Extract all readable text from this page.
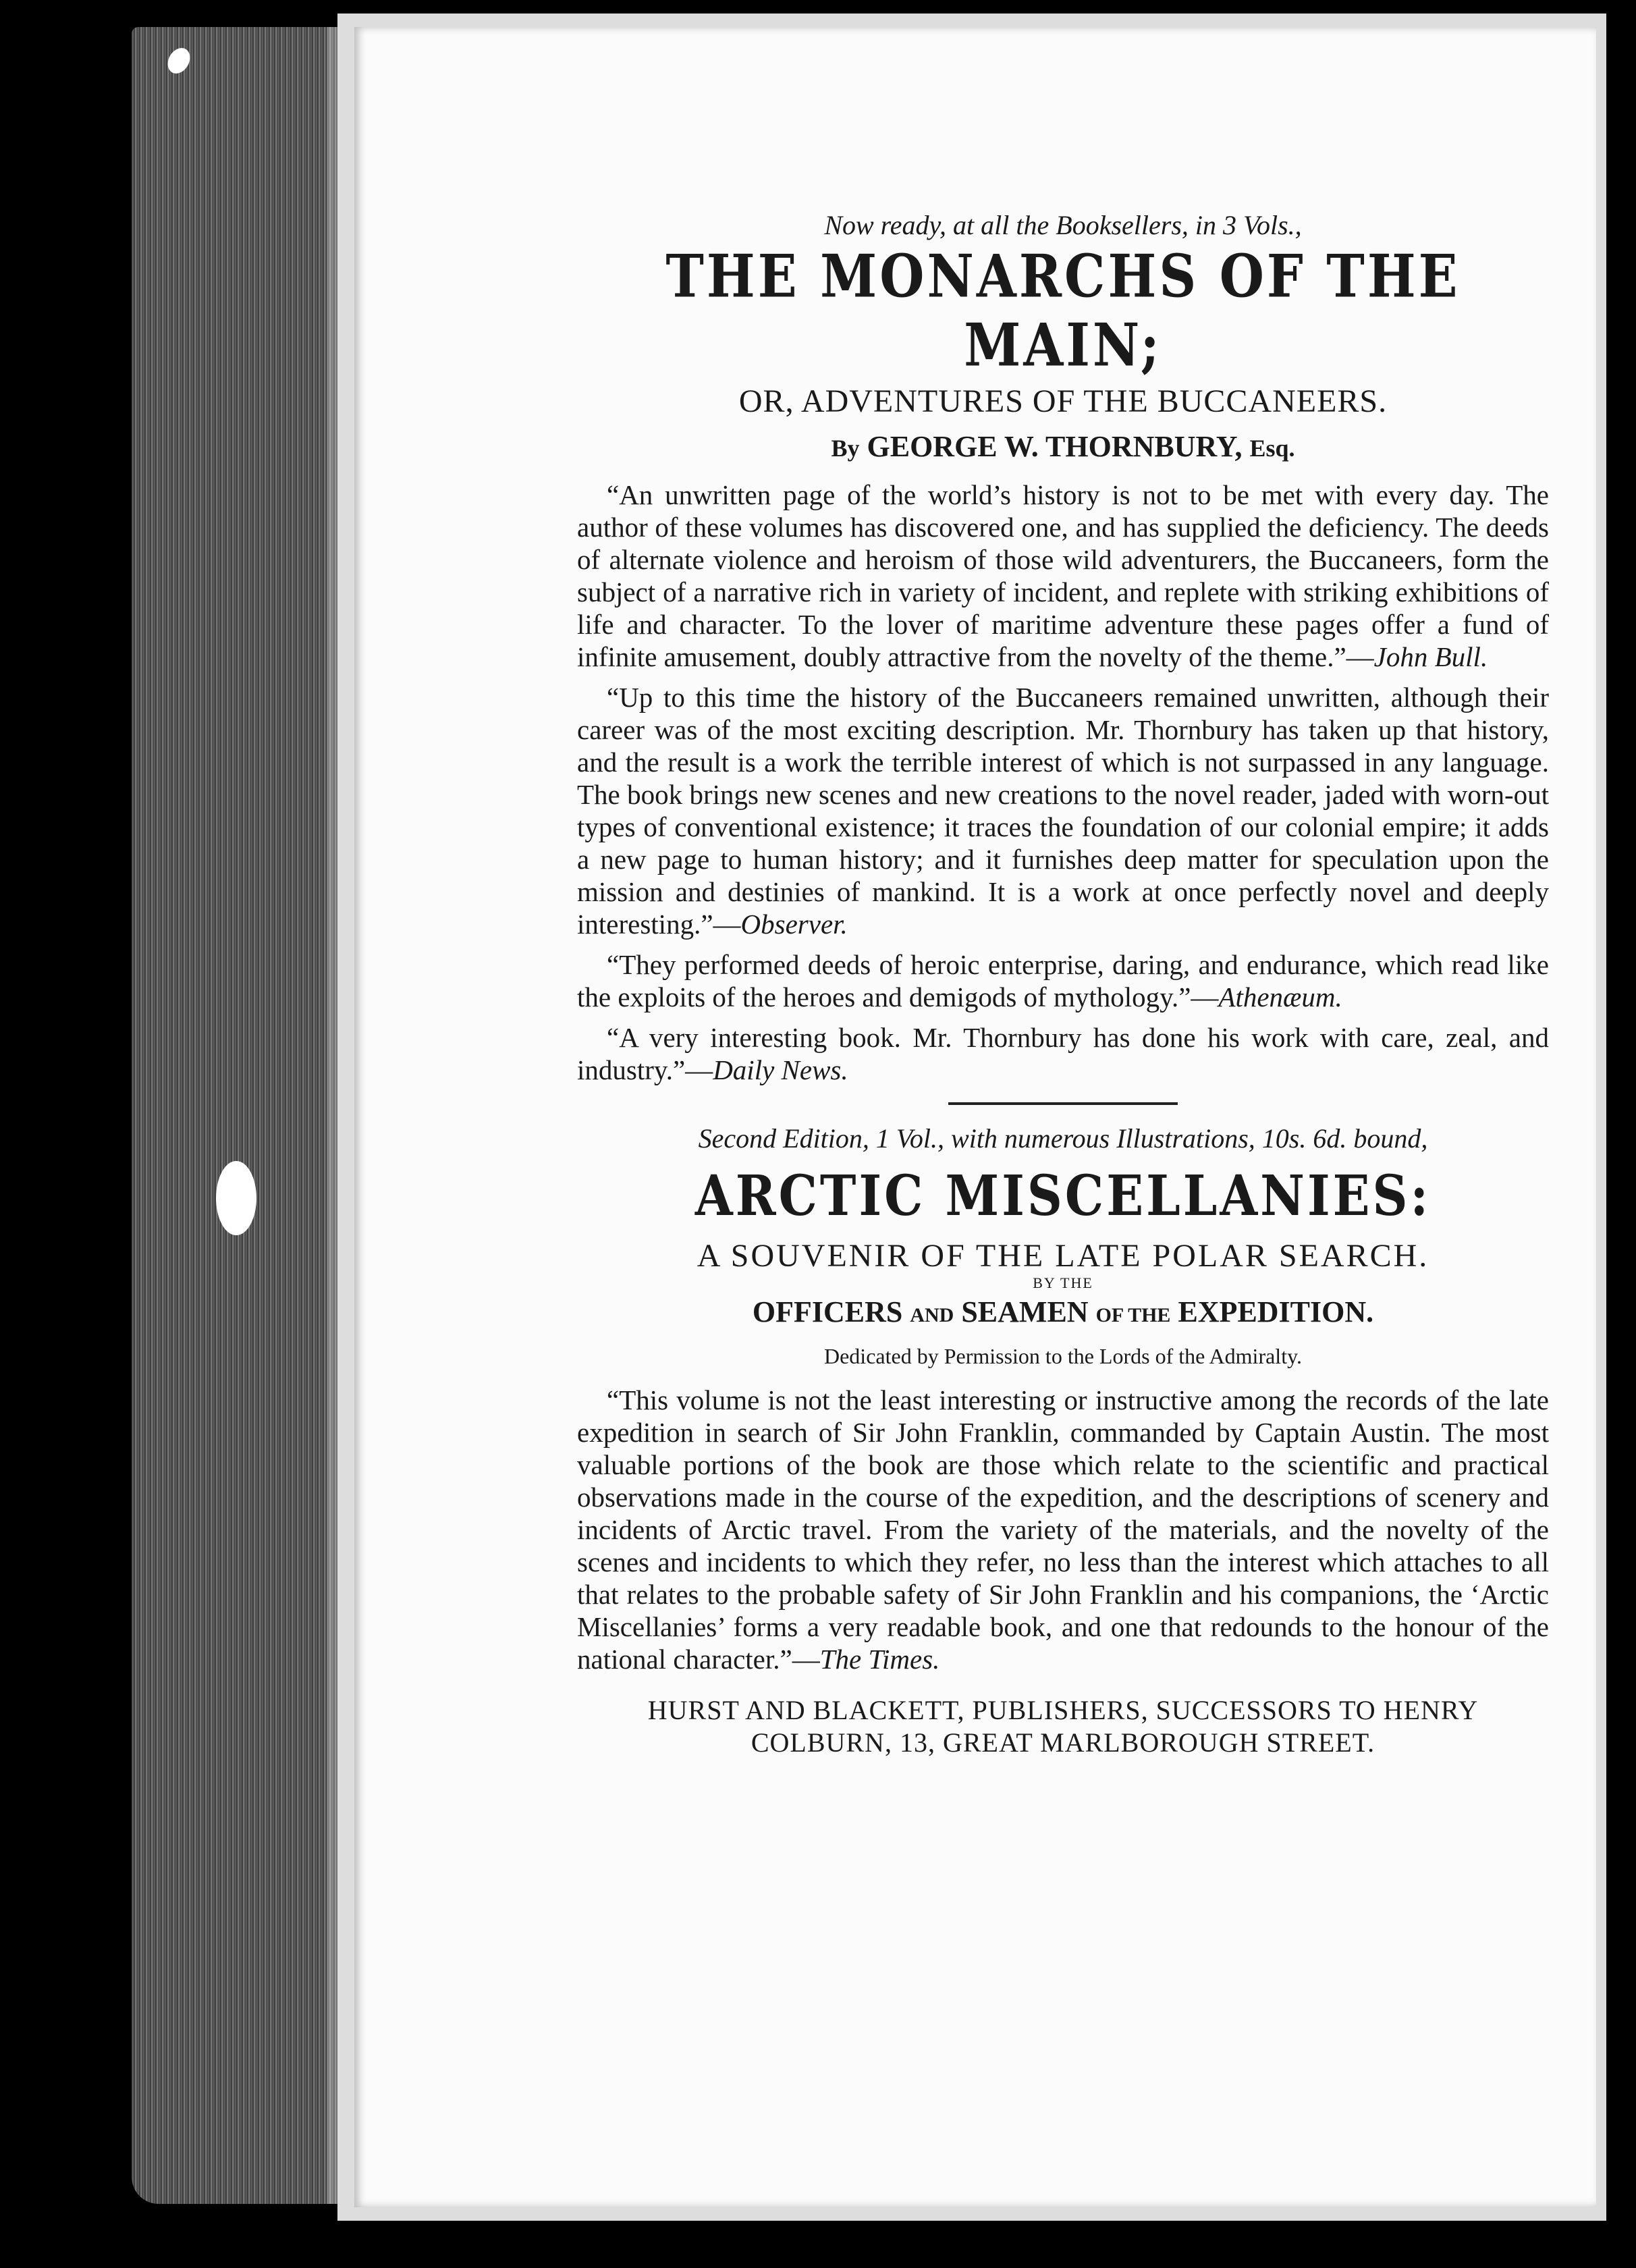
Now ready, at all the Booksellers, in 3 Vols.,
THE MONARCHS OF THE MAIN;
OR, ADVENTURES OF THE BUCCANEERS.
By GEORGE W. THORNBURY, Esq.

“An unwritten page of the world’s history is not to be met with every day. The author of these volumes has discovered one, and has supplied the deficiency. The deeds of alternate violence and heroism of those wild adventurers, the Buccaneers, form the subject of a narrative rich in variety of incident, and replete with striking exhibitions of life and character. To the lover of maritime adventure these pages offer a fund of infinite amusement, doubly attractive from the novelty of the theme.”—John Bull.

“Up to this time the history of the Buccaneers remained unwritten, although their career was of the most exciting description. Mr. Thornbury has taken up that history, and the result is a work the terrible interest of which is not surpassed in any language. The book brings new scenes and new creations to the novel reader, jaded with worn-out types of conventional existence; it traces the foundation of our colonial empire; it adds a new page to human history; and it furnishes deep matter for speculation upon the mission and destinies of mankind. It is a work at once perfectly novel and deeply interesting.”—Observer.

“They performed deeds of heroic enterprise, daring, and endurance, which read like the exploits of the heroes and demigods of mythology.”—Athenæum.

“A very interesting book. Mr. Thornbury has done his work with care, zeal, and industry.”—Daily News.

Second Edition, 1 Vol., with numerous Illustrations, 10s. 6d. bound,
ARCTIC MISCELLANIES:
A SOUVENIR OF THE LATE POLAR SEARCH.
BY THE
OFFICERS AND SEAMEN OF THE EXPEDITION.
Dedicated by Permission to the Lords of the Admiralty.

“This volume is not the least interesting or instructive among the records of the late expedition in search of Sir John Franklin, commanded by Captain Austin. The most valuable portions of the book are those which relate to the scientific and practical observations made in the course of the expedition, and the descriptions of scenery and incidents of Arctic travel. From the variety of the materials, and the novelty of the scenes and incidents to which they refer, no less than the interest which attaches to all that relates to the probable safety of Sir John Franklin and his companions, the ‘Arctic Miscellanies’ forms a very readable book, and one that redounds to the honour of the national character.”—The Times.

HURST AND BLACKETT, PUBLISHERS, SUCCESSORS TO HENRY
COLBURN, 13, GREAT MARLBOROUGH STREET.
